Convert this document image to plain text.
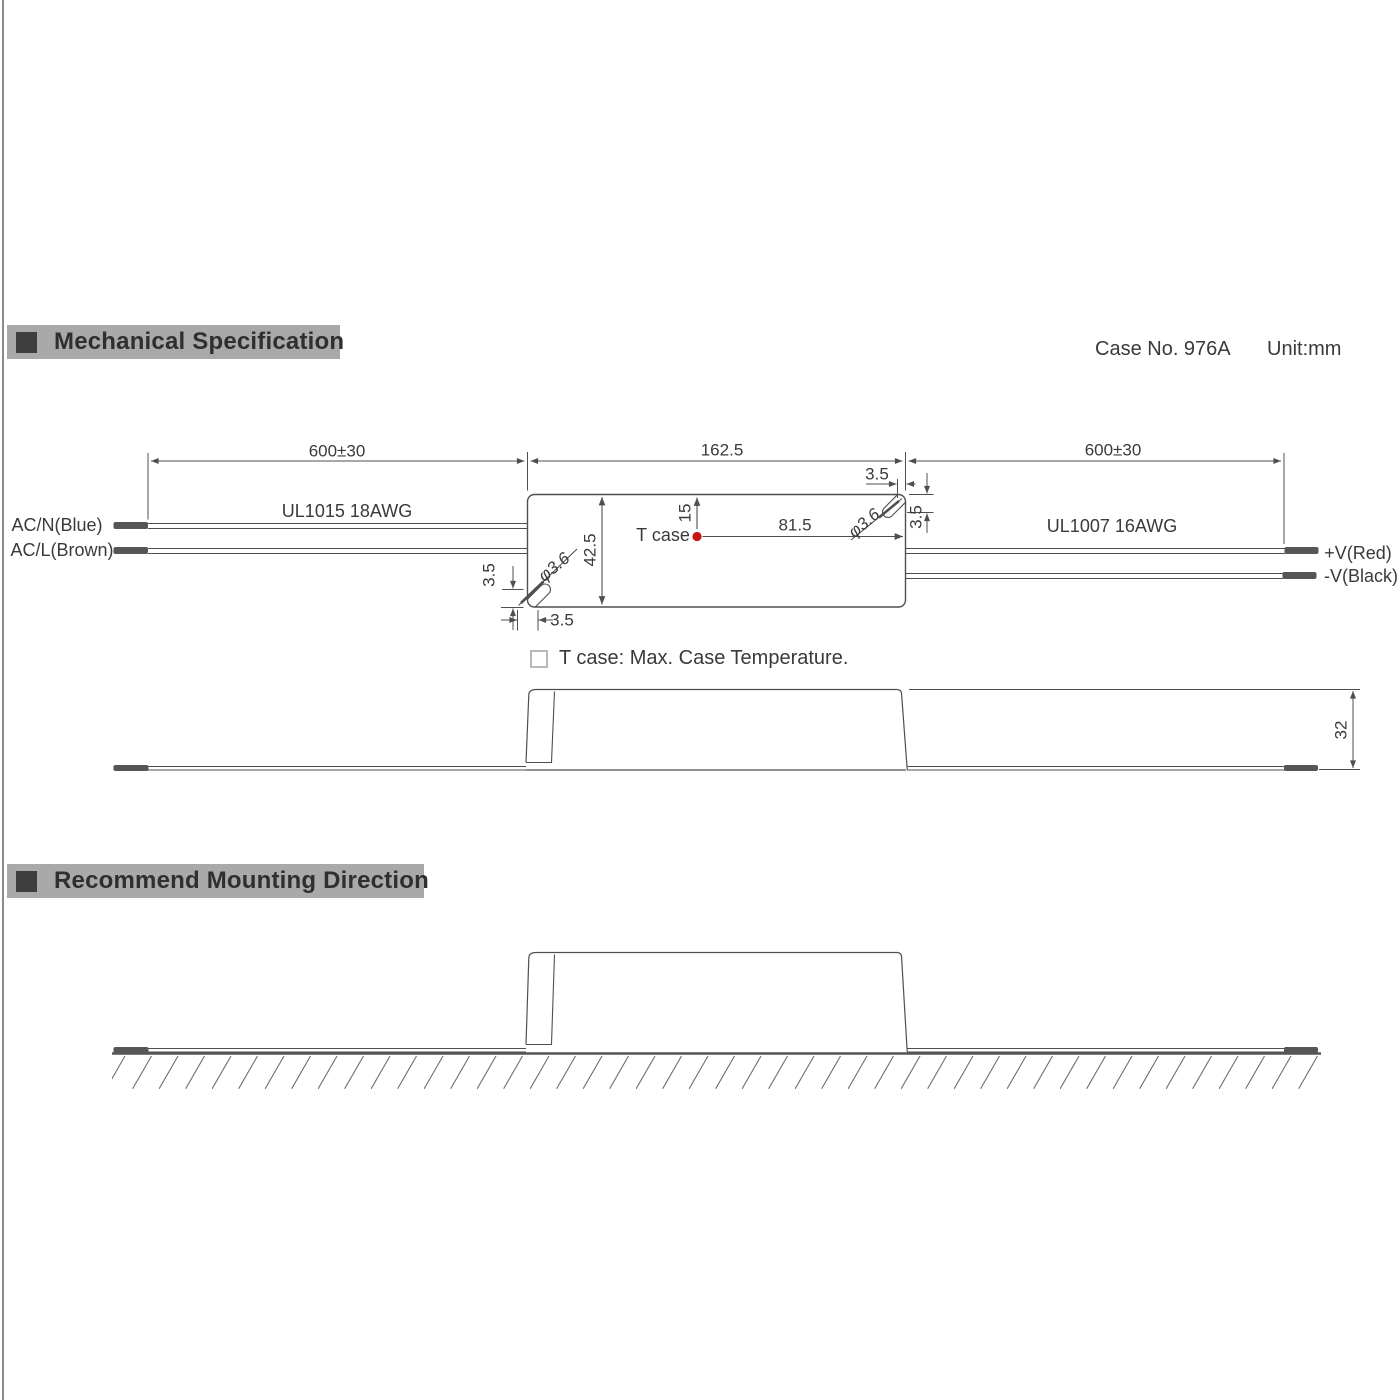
Mechanical Specification	Case No. 976A Unit:mm
600±30	162.5	600±30
UL1015 18AWG
AC/N(Blue)
AC/L(Brown)
UL1007 16AWG
+V(Red)
-V(Black)
42.5
15
T case	81.5 φ3.6
3.5
3.5
φ3.6
3.5
3.5
T case: Max. Case Temperature.
32
Recommend Mounting Direction
